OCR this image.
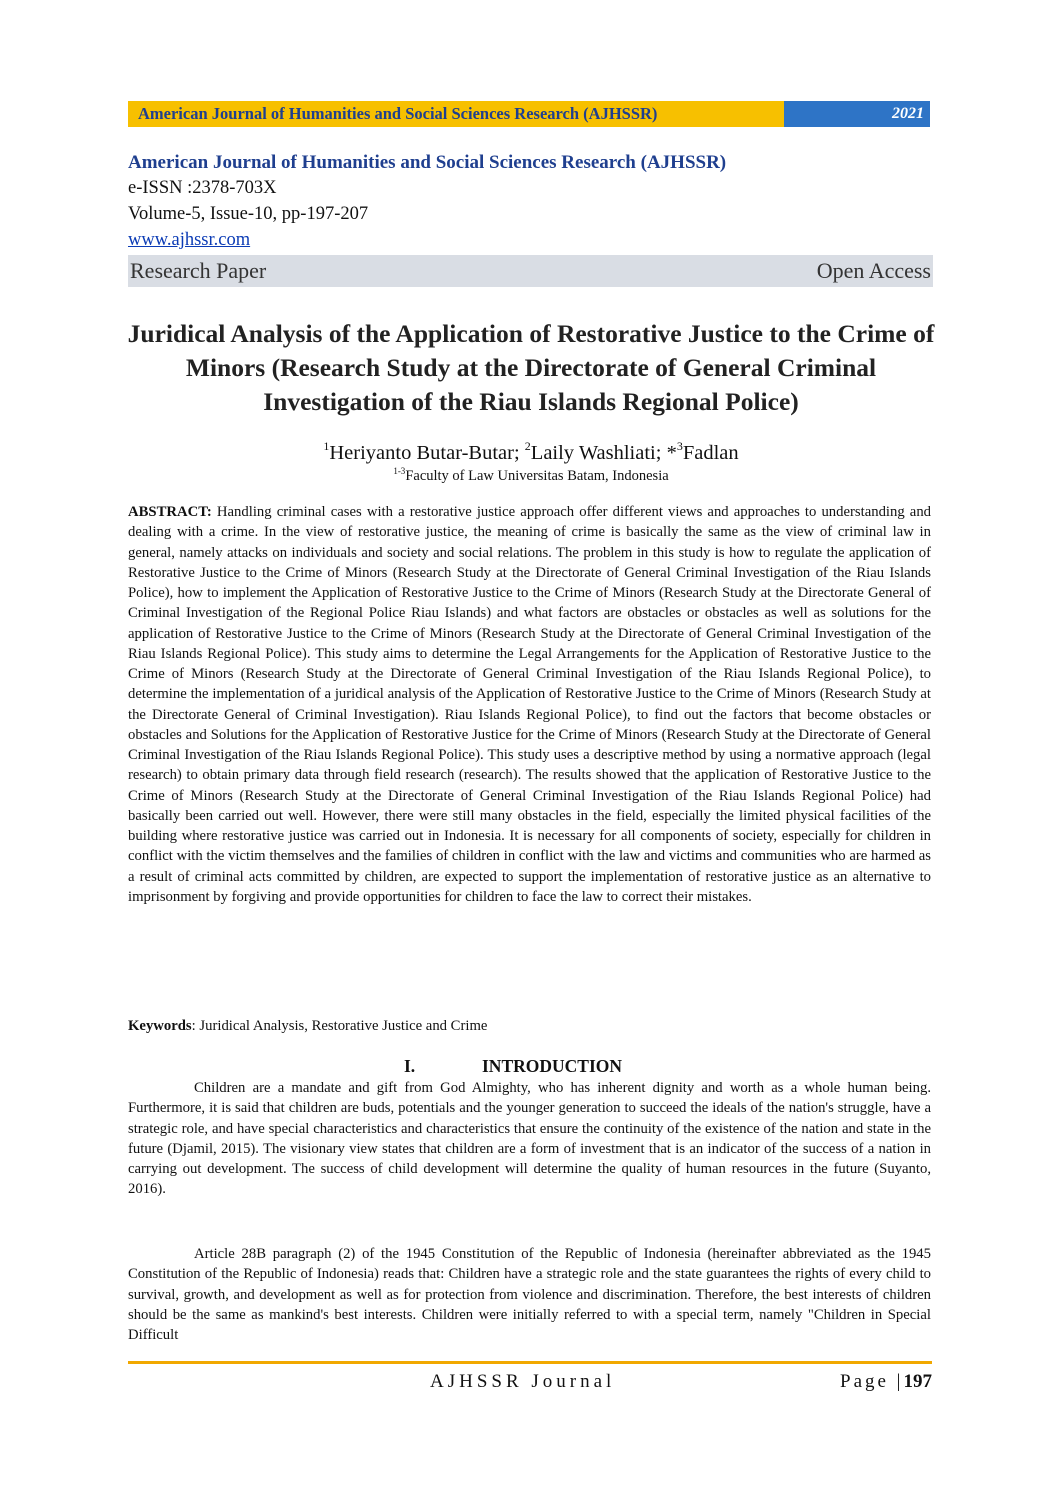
American Journal of Humanities and Social Sciences Research (AJHSSR)	2021
American Journal of Humanities and Social Sciences Research (AJHSSR)
e-ISSN :2378-703X
Volume-5, Issue-10, pp-197-207
www.ajhssr.com
Research Paper	Open Access
Juridical Analysis of the Application of Restorative Justice to the Crime of Minors (Research Study at the Directorate of General Criminal Investigation of the Riau Islands Regional Police)
$^1$Heriyanto Butar-Butar; $^2$Laily Washliati; *$^3$Fadlan
$^{1-3}$Faculty of Law Universitas Batam, Indonesia
ABSTRACT: Handling criminal cases with a restorative justice approach offer different views and approaches to understanding and dealing with a crime. In the view of restorative justice, the meaning of crime is basically the same as the view of criminal law in general, namely attacks on individuals and society and social relations. The problem in this study is how to regulate the application of Restorative Justice to the Crime of Minors (Research Study at the Directorate of General Criminal Investigation of the Riau Islands Police), how to implement the Application of Restorative Justice to the Crime of Minors (Research Study at the Directorate General of Criminal Investigation of the Regional Police Riau Islands) and what factors are obstacles or obstacles as well as solutions for the application of Restorative Justice to the Crime of Minors (Research Study at the Directorate of General Criminal Investigation of the Riau Islands Regional Police). This study aims to determine the Legal Arrangements for the Application of Restorative Justice to the Crime of Minors (Research Study at the Directorate of General Criminal Investigation of the Riau Islands Regional Police), to determine the implementation of a juridical analysis of the Application of Restorative Justice to the Crime of Minors (Research Study at the Directorate General of Criminal Investigation). Riau Islands Regional Police), to find out the factors that become obstacles or obstacles and Solutions for the Application of Restorative Justice for the Crime of Minors (Research Study at the Directorate of General Criminal Investigation of the Riau Islands Regional Police). This study uses a descriptive method by using a normative approach (legal research) to obtain primary data through field research (research). The results showed that the application of Restorative Justice to the Crime of Minors (Research Study at the Directorate of General Criminal Investigation of the Riau Islands Regional Police) had basically been carried out well. However, there were still many obstacles in the field, especially the limited physical facilities of the building where restorative justice was carried out in Indonesia. It is necessary for all components of society, especially for children in conflict with the victim themselves and the families of children in conflict with the law and victims and communities who are harmed as a result of criminal acts committed by children, are expected to support the implementation of restorative justice as an alternative to imprisonment by forgiving and provide opportunities for children to face the law to correct their mistakes.
Keywords: Juridical Analysis, Restorative Justice and Crime
I.	INTRODUCTION
Children are a mandate and gift from God Almighty, who has inherent dignity and worth as a whole human being. Furthermore, it is said that children are buds, potentials and the younger generation to succeed the ideals of the nation's struggle, have a strategic role, and have special characteristics and characteristics that ensure the continuity of the existence of the nation and state in the future (Djamil, 2015). The visionary view states that children are a form of investment that is an indicator of the success of a nation in carrying out development. The success of child development will determine the quality of human resources in the future (Suyanto, 2016).
Article 28B paragraph (2) of the 1945 Constitution of the Republic of Indonesia (hereinafter abbreviated as the 1945 Constitution of the Republic of Indonesia) reads that: Children have a strategic role and the state guarantees the rights of every child to survival, growth, and development as well as for protection from violence and discrimination. Therefore, the best interests of children should be the same as mankind's best interests. Children were initially referred to with a special term, namely "Children in Special Difficult
AJHSSR Journal	Page |197
